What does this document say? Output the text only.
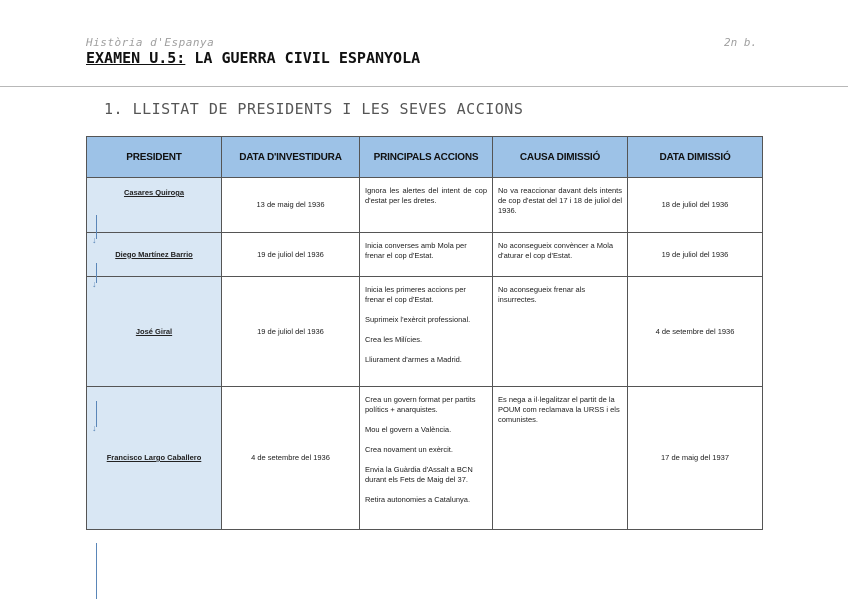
Història d'Espanya	2n b.
EXAMEN U.5: LA GUERRA CIVIL ESPANYOLA
1. LLISTAT DE PRESIDENTS I LES SEVES ACCIONS
PRESIDENT	DATA D'INVESTIDURA	PRINCIPALS ACCIONS	CAUSA DIMISSIÓ	DATA DIMISSIÓ
Casares Quiroga	13 de maig del 1936	Ignora les alertes del intent de cop d'estat per les dretes.	No va reaccionar davant dels intents de cop d'estat del 17 i 18 de juliol del 1936.	18 de juliol del 1936
Diego Martínez Barrio	19 de juliol del 1936	Inicia converses amb Mola per frenar el cop d'Estat.	No aconsegueix convèncer a Mola d'aturar el cop d'Estat.	19 de juliol del 1936
José Giral	19 de juliol del 1936	Inicia les primeres accions per frenar el cop d'Estat.
Suprimeix l'exèrcit professional.
Crea les Milícies.
Lliurament d'armes a Madrid.	No aconsegueix frenar als insurrectes.	4 de setembre del 1936
Francisco Largo Caballero	4 de setembre del 1936	Crea un govern format per partits polítics + anarquistes.
Mou el govern a València.
Crea novament un exèrcit.
Envia la Guàrdia d'Assalt a BCN durant els Fets de Maig del 37.
Retira autonomies a Catalunya.	Es nega a il·legalitzar el partit de la POUM com reclamava la URSS i els comunistes.	17 de maig del 1937
↓
↓
↓
